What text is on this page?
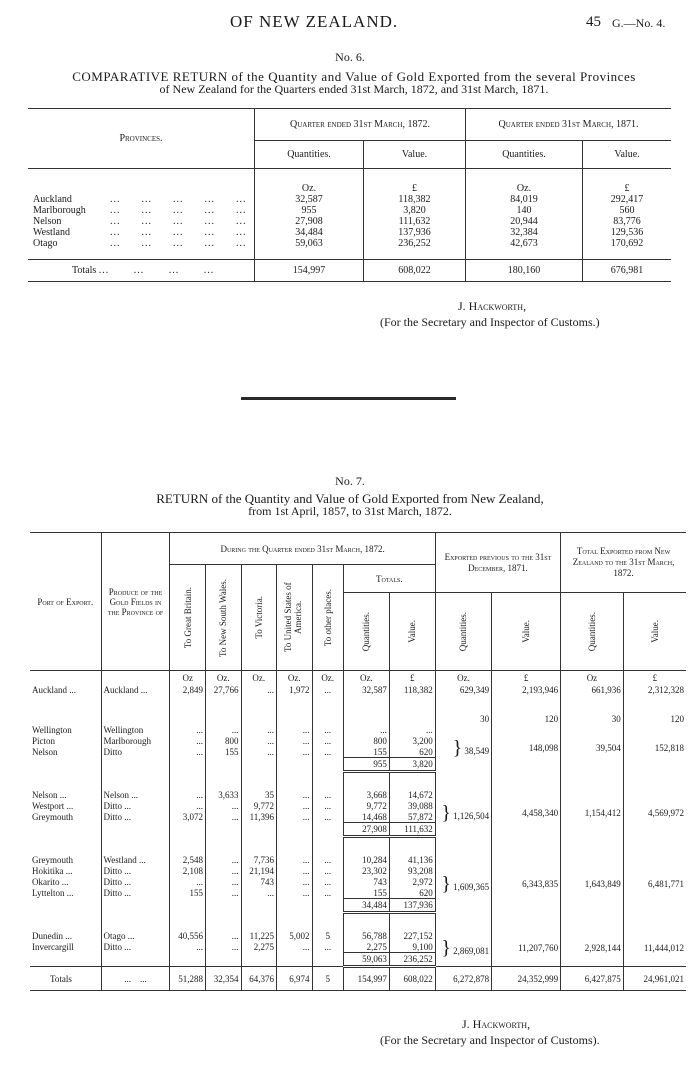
OF NEW ZEALAND.	45 G.—No. 4.
No. 6.
COMPARATIVE RETURN of the Quantity and Value of Gold Exported from the several Provinces
of New Zealand for the Quarters ended 31st March, 1872, and 31st March, 1871.
Provinces.	Quarter ended 31st March, 1872.		Quarter ended 31st March, 1871.	
	Quantities.	Value.	Quantities.	Value.
	Oz.	£	Oz.	£
Auckland ...      ...      ...      ...      ...	32,587	118,382	84,019	292,417
Marlborough ...      ...      ...      ...      ...	955	3,820	140	560
Nelson ...      ...      ...      ...      ...	27,908	111,632	20,944	83,776
Westland ...      ...      ...      ...      ...	34,484	137,936	32,384	129,536
Otago ...      ...      ...      ...      ...	59,063	236,252	42,673	170,692
Totals ...       ...       ...       ...	154,997	608,022	180,160	676,981
J. Hackworth,
(For the Secretary and Inspector of Customs.)
No. 7.
RETURN of the Quantity and Value of Gold Exported from New Zealand,
from 1st April, 1857, to 31st March, 1872.
Port of Export.	Produce of the Gold Fields in the Province of	During the Quarter ended 31st March, 1872.							Exported previous to the 31st December, 1871.		Total Exported from New Zealand to the 31st March, 1872.	

		To Great Britain.	To New South Wales.	To Victoria.	To United States of America.	To other places.	Totals.					

							Quantities.	Value.	Quantities.	Value.	Quantities.	Value.

		Oz	Oz.	Oz.	Oz.	Oz.	Oz.	£	Oz.	£	Oz	£
Auckland ...	Auckland ...	2,849	27,766	...	1,972	...	32,587	118,382	629,349	2,193,946	661,936	2,312,328

									30	120	30	120
Wellington	Wellington	...	...	...	...	...	...	...	} 38,549	148,098	39,504	152,818
Picton	Marlborough	...	800	...	...	...	800	3,200				
Nelson	Ditto	...	155	...	...	...	155	620				
							955	3,820				

Nelson ...	Nelson ...	...	3,633	35	...	...	3,668	14,672	} 1,126,504	4,458,340	1,154,412	4,569,972
Westport ...	Ditto ...	...	...	9,772	...	...	9,772	39,088				
Greymouth	Ditto ...	3,072	...	11,396	...	...	14,468	57,872				
							27,908	111,632				

Greymouth	Westland ...	2,548	...	7,736	...	...	10,284	41,136	} 1,609,365	6,343,835	1,643,849	6,481,771
Hokitika ...	Ditto ...	2,108	...	21,194	...	...	23,302	93,208				
Okarito ...	Ditto ...	...	...	743	...	...	743	2,972				
Lyttelton ...	Ditto ...	155	...	...	...	...	155	620				
							34,484	137,936				

Dunedin ...	Otago ...	40,556	...	11,225	5,002	5	56,788	227,152	} 2,869,081	11,207,760	2,928,144	11,444,012
Invercargill	Ditto ...	...	...	2,275	...	...	2,275	9,100				
							59,063	236,252				
Totals	...    ...	51,288	32,354	64,376	6,974	5	154,997	608,022	6,272,878	24,352,999	6,427,875	24,961,021
J. Hackworth,
(For the Secretary and Inspector of Customs).
